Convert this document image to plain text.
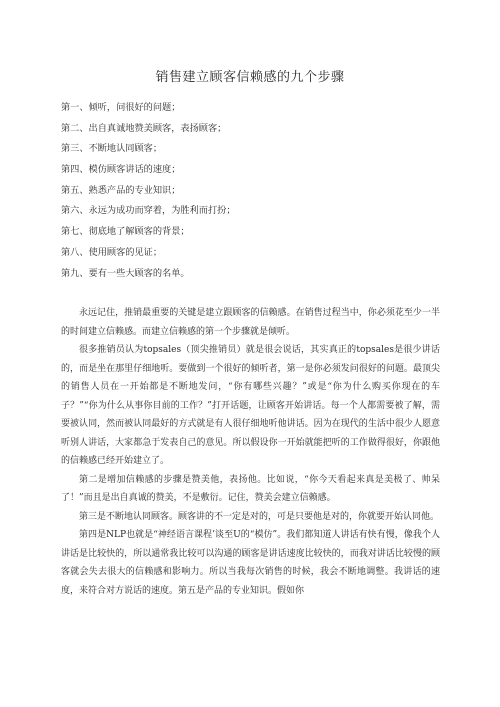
销售建立顾客信赖感的九个步骤
第一、倾听，问很好的问题；
第二、出自真诚地赞美顾客，表扬顾客；
第三、不断地认同顾客；
第四、模仿顾客讲话的速度；
第五、熟悉产品的专业知识；
第六、永远为成功而穿着，为胜利而打扮；
第七、彻底地了解顾客的背景；
第八、使用顾客的见证；
第九、要有一些大顾客的名单。

永远记住，推销最重要的关键是建立跟顾客的信赖感。在销售过程当中，你必须花至少一半的时间建立信赖感。而建立信赖感的第一个步骤就是倾听。

很多推销员认为topsales（顶尖推销员）就是很会说话，其实真正的topsales是很少讲话的，而是坐在那里仔细地听。要做到一个很好的倾听者，第一是你必须发问很好的问题。最顶尖的销售人员在一开始都是不断地发问，“你有哪些兴趣？”或是“你为什么购买你现在的车子？”“你为什么从事你目前的工作？”打开话题，让顾客开始讲话。每一个人都需要被了解，需要被认同，然而被认同最好的方式就是有人很仔细地听他讲话。因为在现代的生活中很少人愿意听别人讲话，大家都急于发表自己的意见。所以假设你一开始就能把听的工作做得很好，你跟他的信赖感已经开始建立了。

第二是增加信赖感的步骤是赞美他，表扬他。比如说，“你今天看起来真是美极了、帅呆了！”而且是出自真诚的赞美，不是敷衍。记住，赞美会建立信赖感。

第三是不断地认同顾客。顾客讲的不一定是对的，可是只要他是对的，你就要开始认同他。

第四是NLP也就是“神经语言课程’谈至U的“模仿”。我们都知道人讲话有快有慢，像我个人讲话是比较快的，所以通常我比较可以沟通的顾客是讲话速度比较快的，而我对讲话比较慢的顾客就会失去很大的信赖感和影响力。所以当我每次销售的时候，我会不断地调整。我讲话的速度，来符合对方说话的速度。第五是产品的专业知识。假如你
